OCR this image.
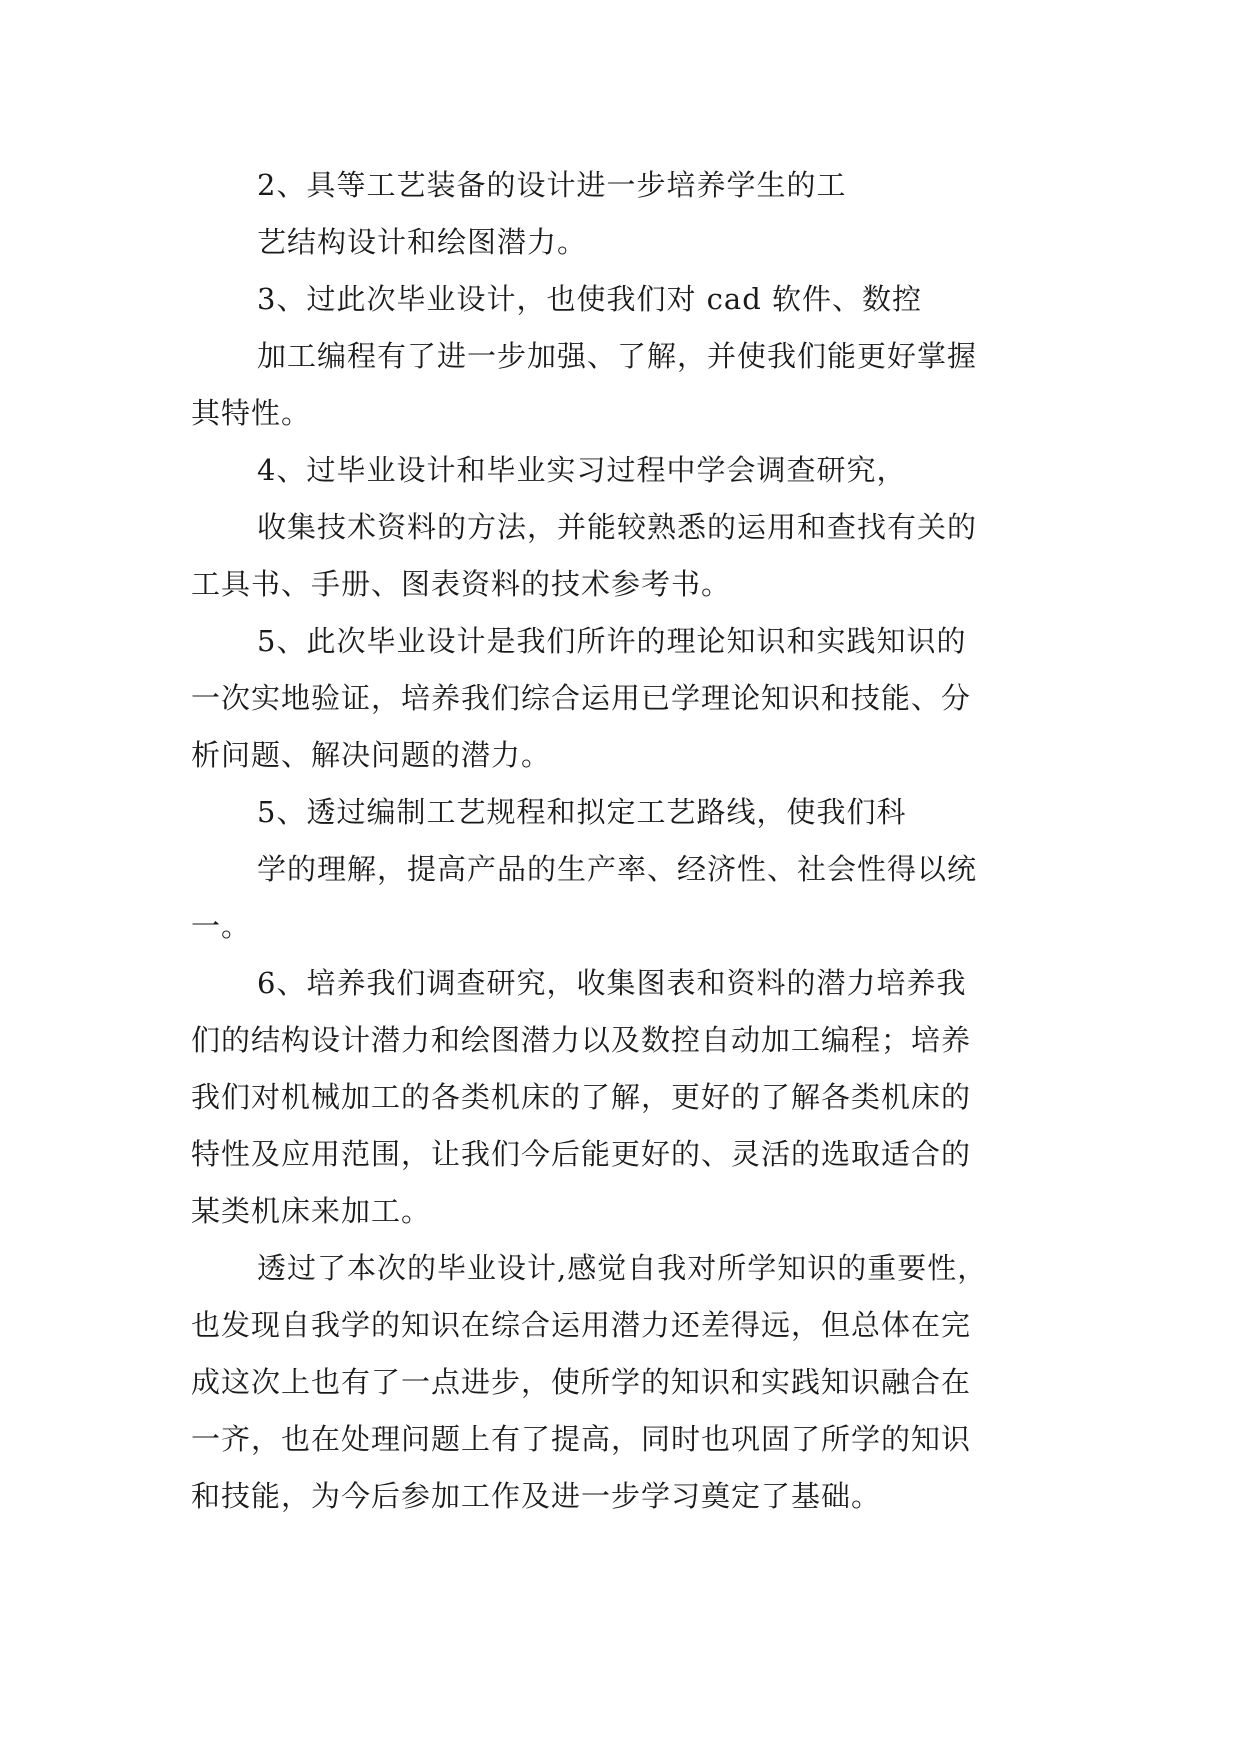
2、具等工艺装备的设计进一步培养学生的工
艺结构设计和绘图潜力。
3、过此次毕业设计，也使我们对 cad 软件、数控
加工编程有了进一步加强、了解，并使我们能更好掌握
其特性。
4、过毕业设计和毕业实习过程中学会调查研究，
收集技术资料的方法，并能较熟悉的运用和查找有关的
工具书、手册、图表资料的技术参考书。
5、此次毕业设计是我们所许的理论知识和实践知识的
一次实地验证，培养我们综合运用已学理论知识和技能、分
析问题、解决问题的潜力。
5、透过编制工艺规程和拟定工艺路线，使我们科
学的理解，提高产品的生产率、经济性、社会性得以统
一。
6、培养我们调查研究，收集图表和资料的潜力培养我
们的结构设计潜力和绘图潜力以及数控自动加工编程；培养
我们对机械加工的各类机床的了解，更好的了解各类机床的
特性及应用范围，让我们今后能更好的、灵活的选取适合的
某类机床来加工。
透过了本次的毕业设计,感觉自我对所学知识的重要性，
也发现自我学的知识在综合运用潜力还差得远，但总体在完
成这次上也有了一点进步，使所学的知识和实践知识融合在
一齐，也在处理问题上有了提高，同时也巩固了所学的知识
和技能，为今后参加工作及进一步学习奠定了基础。
